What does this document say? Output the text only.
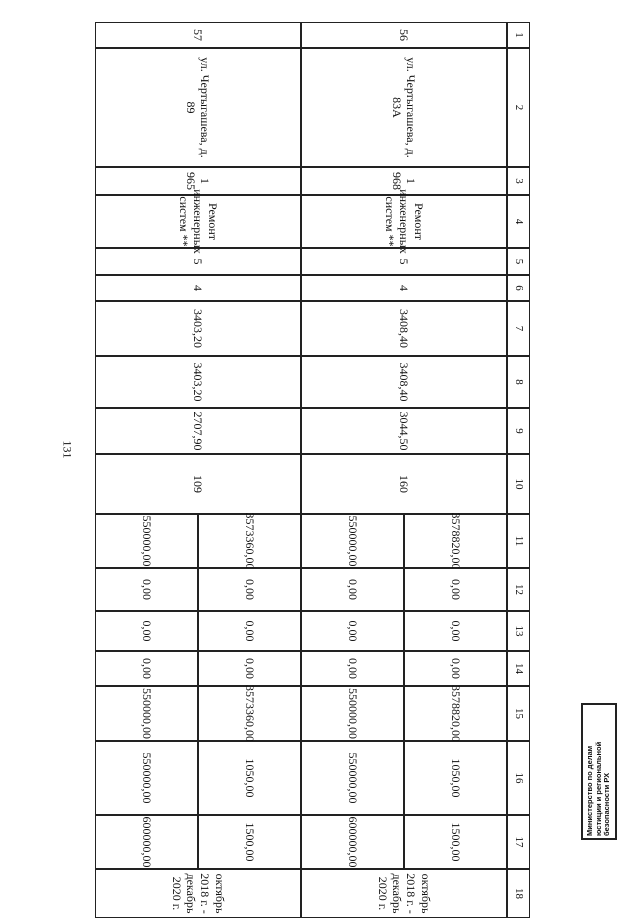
131
1
2
3
4
5
6
7
8
9
10
11
12
13
14
15
16
17
18
56
ул. Чертыгашева, д. 83А
1 968
Ремонт инженерных систем **
5
4
3408,40
3408,40
3044,50
160
3578820,00
550000,00
0,00
0,00
0,00
0,00
0,00
0,00
3578820,00
550000,00
1050,00
550000,00
1500,00
600000,00
октябрь 2018 г. -
декабрь 2020 г.
57
ул. Чертыгашева, д. 89
1 965
Ремонт инженерных систем **
5
4
3403,20
3403,20
2707,90
109
3573360,00
550000,00
0,00
0,00
0,00
0,00
0,00
0,00
3573360,00
550000,00
1050,00
550000,00
1500,00
600000,00
октябрь 2018 г. -
декабрь 2020 г.
Министерство по делам юстиции и региональной безопасности РХ
